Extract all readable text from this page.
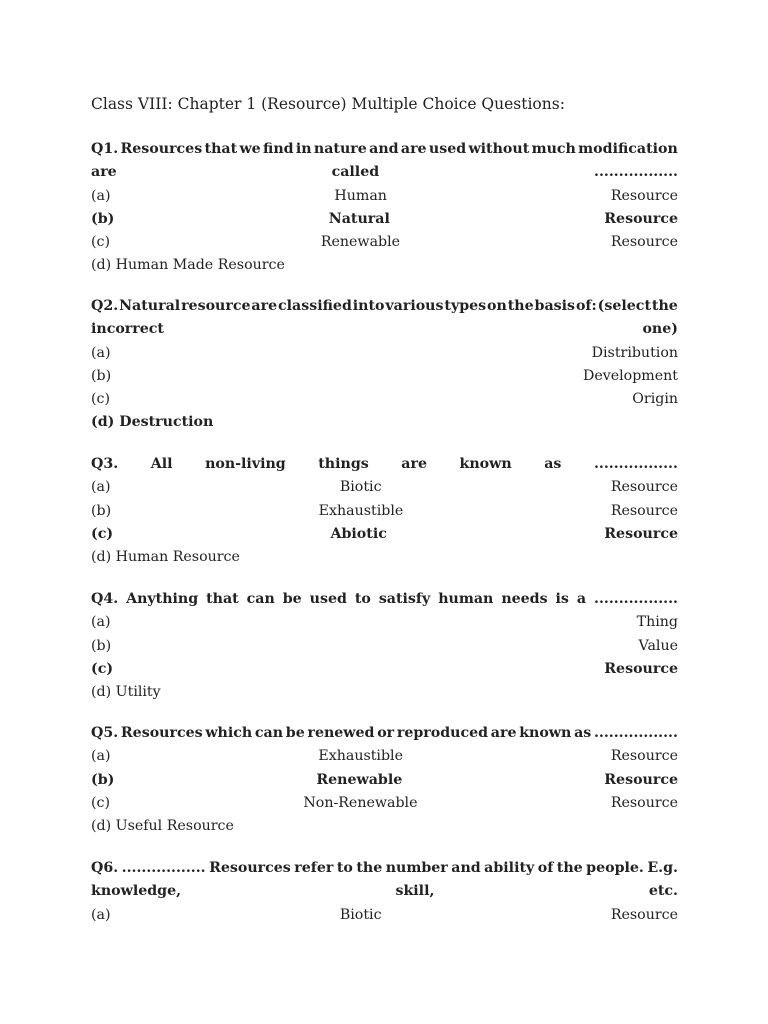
Class VIII: Chapter 1 (Resource) Multiple Choice Questions:
Q1. Resources that we find in nature and are used without much modification
are	called	.................
(a)	Human	Resource
(b)	Natural	Resource
(c)	Renewable	Resource
(d) Human Made Resource
Q2. Natural resource are classified into various types on the basis of: (select the
incorrect	one)
(a)	Distribution
(b)	Development
(c)	Origin
(d) Destruction
Q3. All non-living things are known as .................
(a)	Biotic	Resource
(b)	Exhaustible	Resource
(c)	Abiotic	Resource
(d) Human Resource
Q4. Anything that can be used to satisfy human needs is a .................
(a)	Thing
(b)	Value
(c)	Resource
(d) Utility
Q5. Resources which can be renewed or reproduced are known as .................
(a)	Exhaustible	Resource
(b)	Renewable	Resource
(c)	Non-Renewable	Resource
(d) Useful Resource
Q6. ................. Resources refer to the number and ability of the people. E.g.
knowledge,	skill,	etc.
(a)	Biotic	Resource
